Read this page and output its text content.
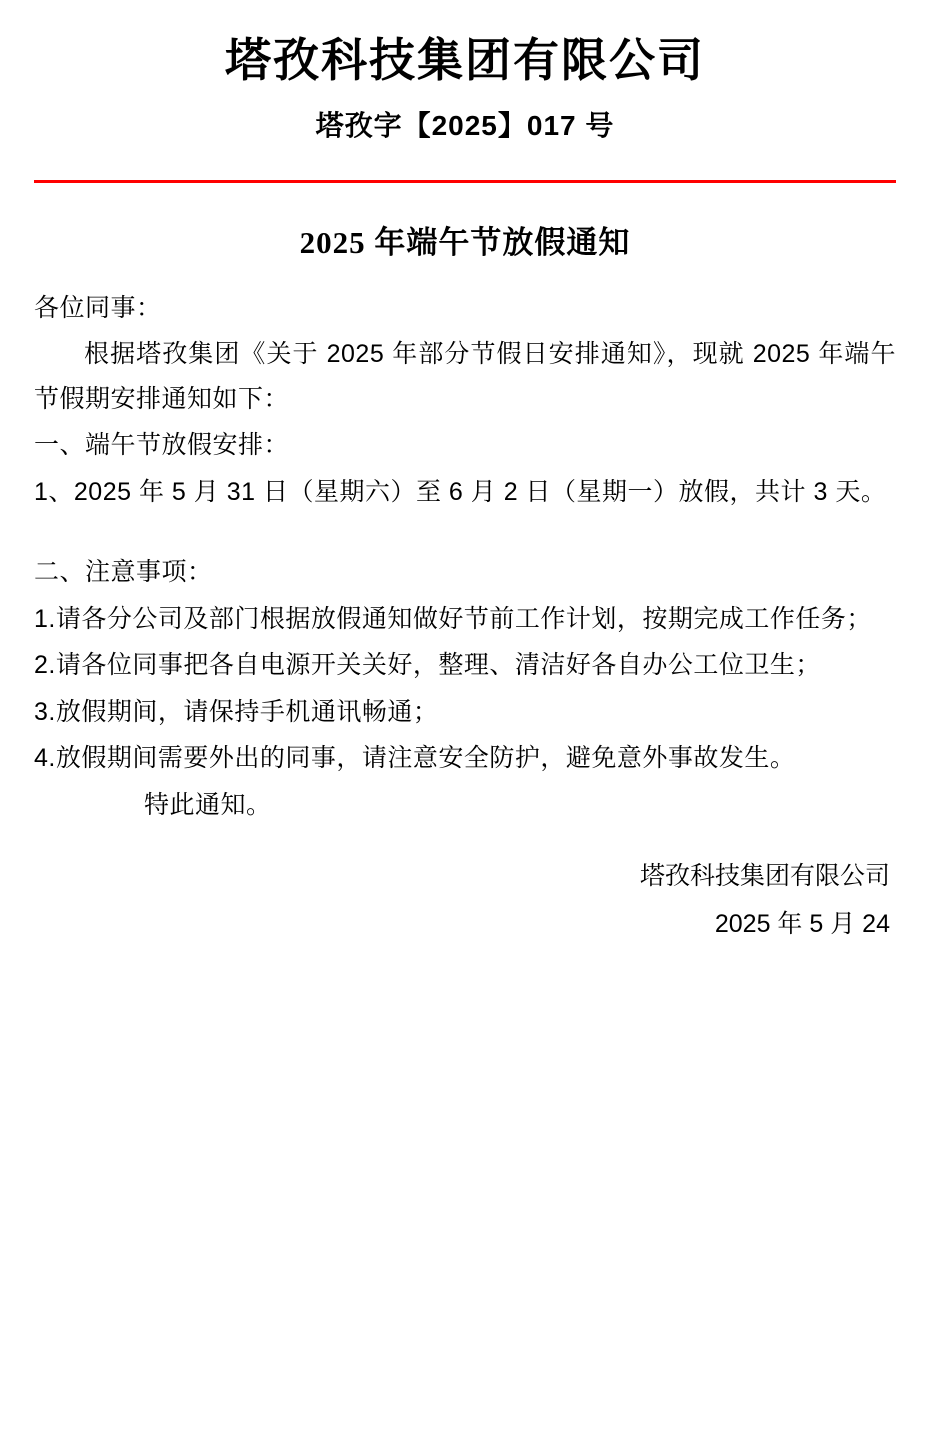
塔孜科技集团有限公司
塔孜字【2025】017 号
2025 年端午节放假通知

各位同事：

根据塔孜集团《关于 2025 年部分节假日安排通知》，现就 2025 年端午节假期安排通知如下：

一、端午节放假安排：

1、2025 年 5 月 31 日（星期六）至 6 月 2 日（星期一）放假，共计 3 天。

二、注意事项：

1.请各分公司及部门根据放假通知做好节前工作计划，按期完成工作任务；

2.请各位同事把各自电源开关关好，整理、清洁好各自办公工位卫生；

3.放假期间，请保持手机通讯畅通；

4.放假期间需要外出的同事，请注意安全防护，避免意外事故发生。

特此通知。

塔孜科技集团有限公司
2025 年 5 月 24
